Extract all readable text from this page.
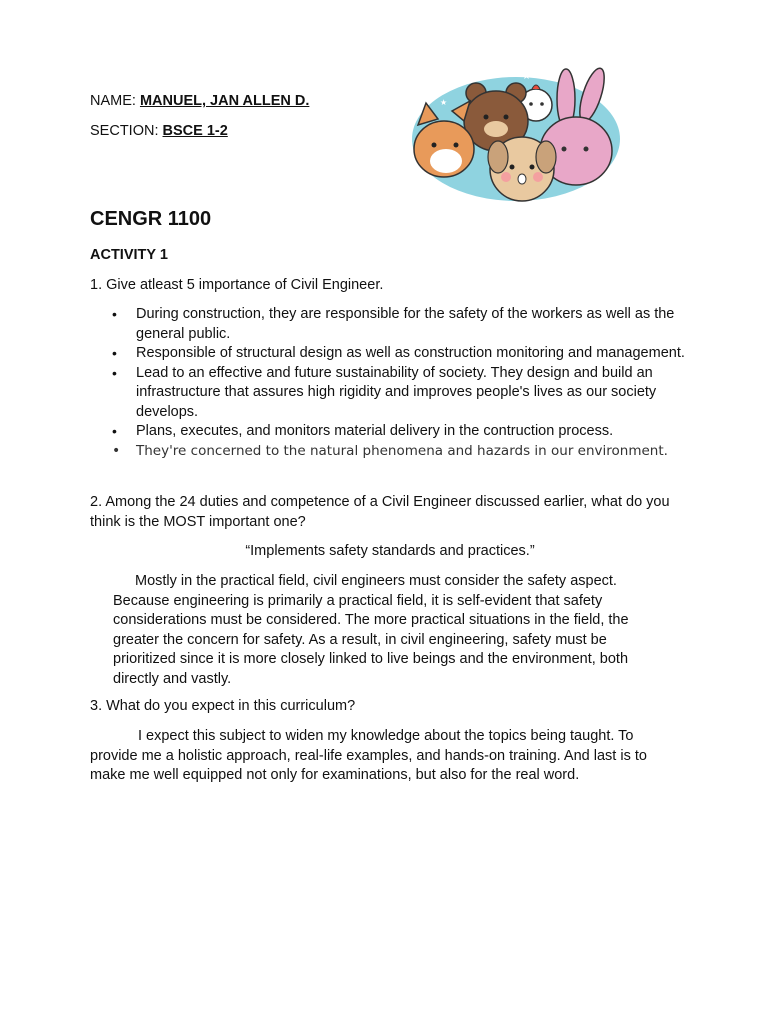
NAME: MANUEL, JAN ALLEN D.
SECTION: BSCE 1-2
★
★
CENGR 1100
ACTIVITY 1
1. Give atleast 5 importance of Civil Engineer.
• During construction, they are responsible for the safety of the workers as well as the general public.
• Responsible of structural design as well as construction monitoring and management.
• Lead to an effective and future sustainability of society. They design and build an infrastructure that assures high rigidity and improves people's lives as our society develops.
• Plans, executes, and monitors material delivery in the contruction process.
• They're concerned to the natural phenomena and hazards in our environment.
2. Among the 24 duties and competence of a Civil Engineer discussed earlier, what do you think is the MOST important one?
“Implements safety standards and practices.”
Mostly in the practical field, civil engineers must consider the safety aspect. Because engineering is primarily a practical field, it is self-evident that safety considerations must be considered. The more practical situations in the field, the greater the concern for safety. As a result, in civil engineering, safety must be prioritized since it is more closely linked to live beings and the environment, both directly and vastly.
3. What do you expect in this curriculum?
I expect this subject to widen my knowledge about the topics being taught. To provide me a holistic approach, real-life examples, and hands-on training. And last is to make me well equipped not only for examinations, but also for the real word.
